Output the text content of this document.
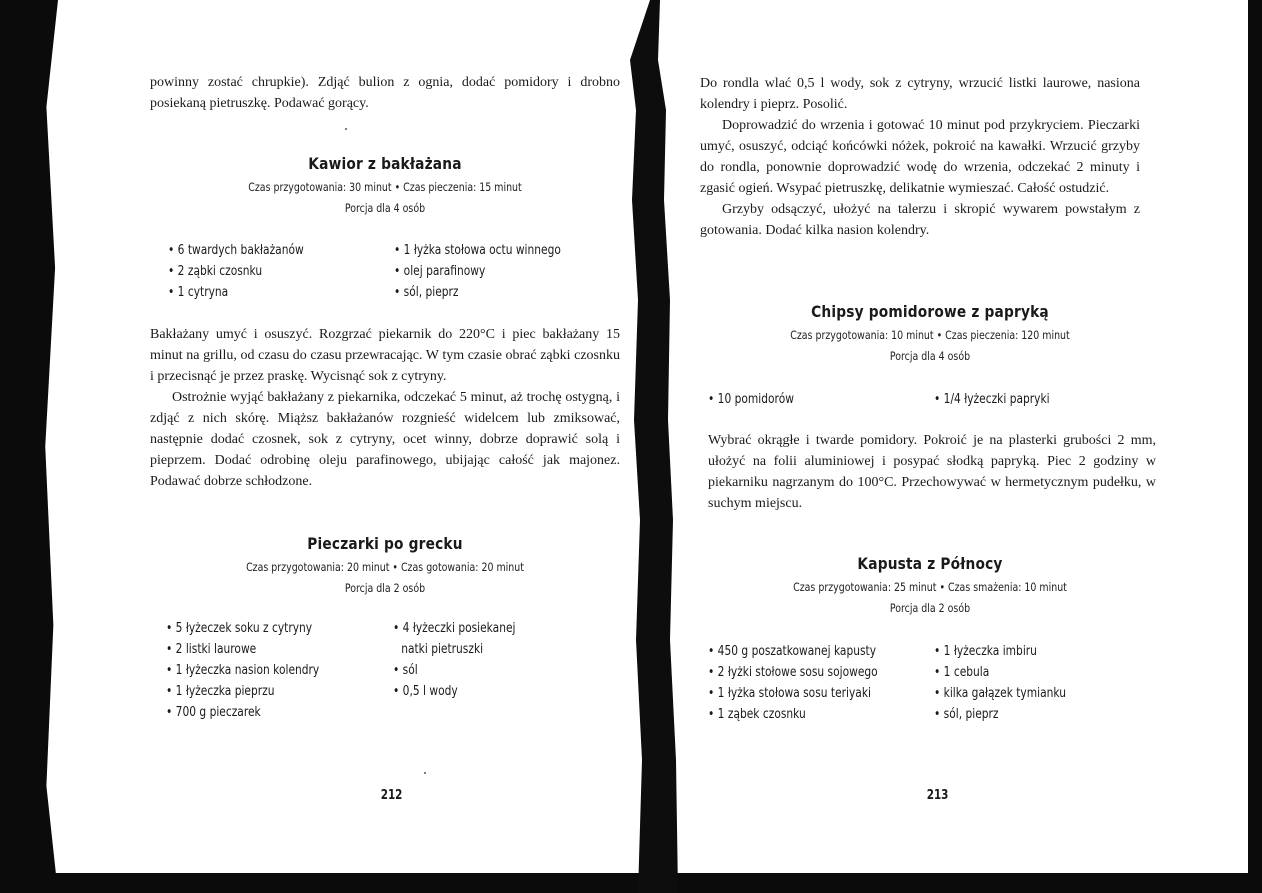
powinny zostać chrupkie). Zdjąć bulion z ognia, dodać pomidory i drobno posiekaną pietruszkę. Podawać gorący.

Kawior z bakłażana
Czas przygotowania: 30 minut • Czas pieczenia: 15 minut
Porcja dla 4 osób
• 6 twardych bakłażanów
• 2 ząbki czosnku
• 1 cytryna
• 1 łyżka stołowa octu winnego
• olej parafinowy
• sól, pieprz

Bakłażany umyć i osuszyć. Rozgrzać piekarnik do 220°C i piec bakłażany 15 minut na grillu, od czasu do czasu przewracając. W tym czasie obrać ząbki czosnku i przecisnąć je przez praskę. Wycisnąć sok z cytryny.

Ostrożnie wyjąć bakłażany z piekarnika, odczekać 5 minut, aż trochę ostygną, i zdjąć z nich skórę. Miąższ bakłażanów rozgnieść widelcem lub zmiksować, następnie dodać czosnek, sok z cytryny, ocet winny, dobrze doprawić solą i pieprzem. Dodać odrobinę oleju parafinowego, ubijając całość jak majonez. Podawać dobrze schłodzone.

Pieczarki po grecku
Czas przygotowania: 20 minut • Czas gotowania: 20 minut
Porcja dla 2 osób
• 5 łyżeczek soku z cytryny
• 2 listki laurowe
• 1 łyżeczka nasion kolendry
• 1 łyżeczka pieprzu
• 700 g pieczarek
• 4 łyżeczki posiekanej
natki pietruszki
• sól
• 0,5 l wody
212

Do rondla wlać 0,5 l wody, sok z cytryny, wrzucić listki laurowe, nasiona kolendry i pieprz. Posolić.

Doprowadzić do wrzenia i gotować 10 minut pod przykryciem. Pieczarki umyć, osuszyć, odciąć końcówki nóżek, pokroić na kawałki. Wrzucić grzyby do rondla, ponownie doprowadzić wodę do wrzenia, odczekać 2 minuty i zgasić ogień. Wsypać pietruszkę, delikatnie wymieszać. Całość ostudzić.

Grzyby odsączyć, ułożyć na talerzu i skropić wywarem powstałym z gotowania. Dodać kilka nasion kolendry.

Chipsy pomidorowe z papryką
Czas przygotowania: 10 minut • Czas pieczenia: 120 minut
Porcja dla 4 osób
• 10 pomidorów	• 1/4 łyżeczki papryki

Wybrać okrągłe i twarde pomidory. Pokroić je na plasterki grubości 2 mm, ułożyć na folii aluminiowej i posypać słodką papryką. Piec 2 godziny w piekarniku nagrzanym do 100°C. Przechowywać w hermetycznym pudełku, w suchym miejscu.

Kapusta z Północy
Czas przygotowania: 25 minut • Czas smażenia: 10 minut
Porcja dla 2 osób
• 450 g poszatkowanej kapusty
• 2 łyżki stołowe sosu sojowego
• 1 łyżka stołowa sosu teriyaki
• 1 ząbek czosnku
• 1 łyżeczka imbiru
• 1 cebula
• kilka gałązek tymianku
• sól, pieprz
213
